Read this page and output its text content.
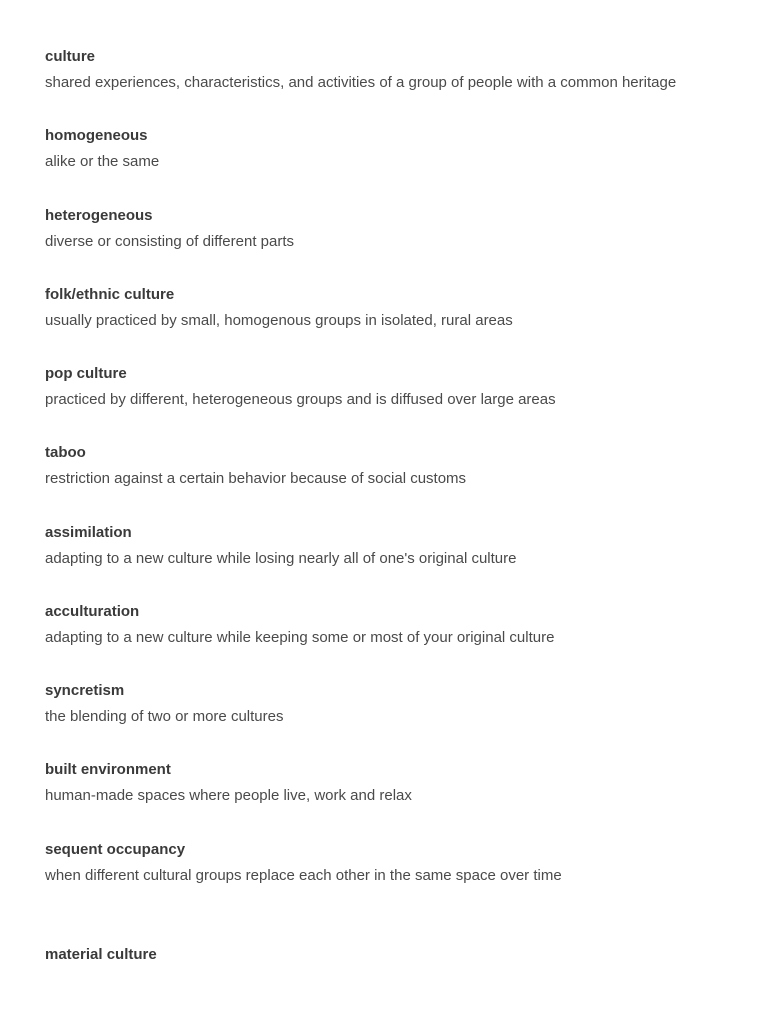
culture
shared experiences, characteristics, and activities of a group of people with a common heritage
homogeneous
alike or the same
heterogeneous
diverse or consisting of different parts
folk/ethnic culture
usually practiced by small, homogenous groups in isolated, rural areas
pop culture
practiced by different, heterogeneous groups and is diffused over large areas
taboo
restriction against a certain behavior because of social customs
assimilation
adapting to a new culture while losing nearly all of one's original culture
acculturation
adapting to a new culture while keeping some or most of your original culture
syncretism
the blending of two or more cultures
built environment
human-made spaces where people live, work and relax
sequent occupancy
when different cultural groups replace each other in the same space over time
material culture
